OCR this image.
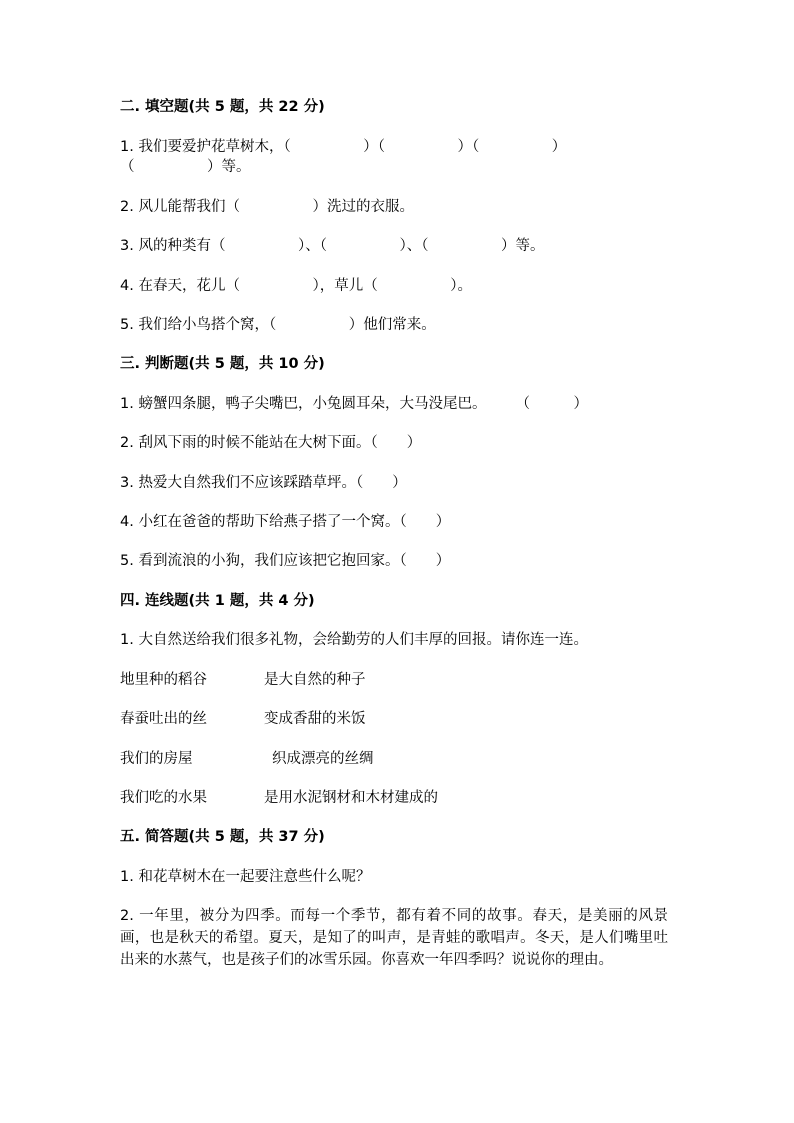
二. 填空题(共 5 题，共 22 分)
1. 我们要爱护花草树木，（　　　　　）（　　　　　）（　　　　　）
（　　　　　）等。
2. 风儿能帮我们（　　　　　）洗过的衣服。
3. 风的种类有（　　　　　）、（　　　　　）、（　　　　　）等。
4. 在春天，花儿（　　　　　），草儿（　　　　　）。
5. 我们给小鸟搭个窝，（　　　　　）他们常来。
三. 判断题(共 5 题，共 10 分)
1. 螃蟹四条腿，鸭子尖嘴巴，小兔圆耳朵，大马没尾巴。　　　（　　　）
2. 刮风下雨的时候不能站在大树下面。（　　）
3. 热爱大自然我们不应该踩踏草坪。（　　）
4. 小红在爸爸的帮助下给燕子搭了一个窝。（　　）
5. 看到流浪的小狗，我们应该把它抱回家。（　　）
四. 连线题(共 1 题，共 4 分)
1. 大自然送给我们很多礼物，会给勤劳的人们丰厚的回报。请你连一连。
地里种的稻谷	是大自然的种子
春蚕吐出的丝	变成香甜的米饭
我们的房屋	织成漂亮的丝绸
我们吃的水果	是用水泥钢材和木材建成的
五. 简答题(共 5 题，共 37 分)
1. 和花草树木在一起要注意些什么呢？
2. 一年里，被分为四季。而每一个季节，都有着不同的故事。春天，是美丽的风景画，也是秋天的希望。夏天，是知了的叫声，是青蛙的歌唱声。冬天，是人们嘴里吐出来的水蒸气，也是孩子们的冰雪乐园。你喜欢一年四季吗？说说你的理由。
